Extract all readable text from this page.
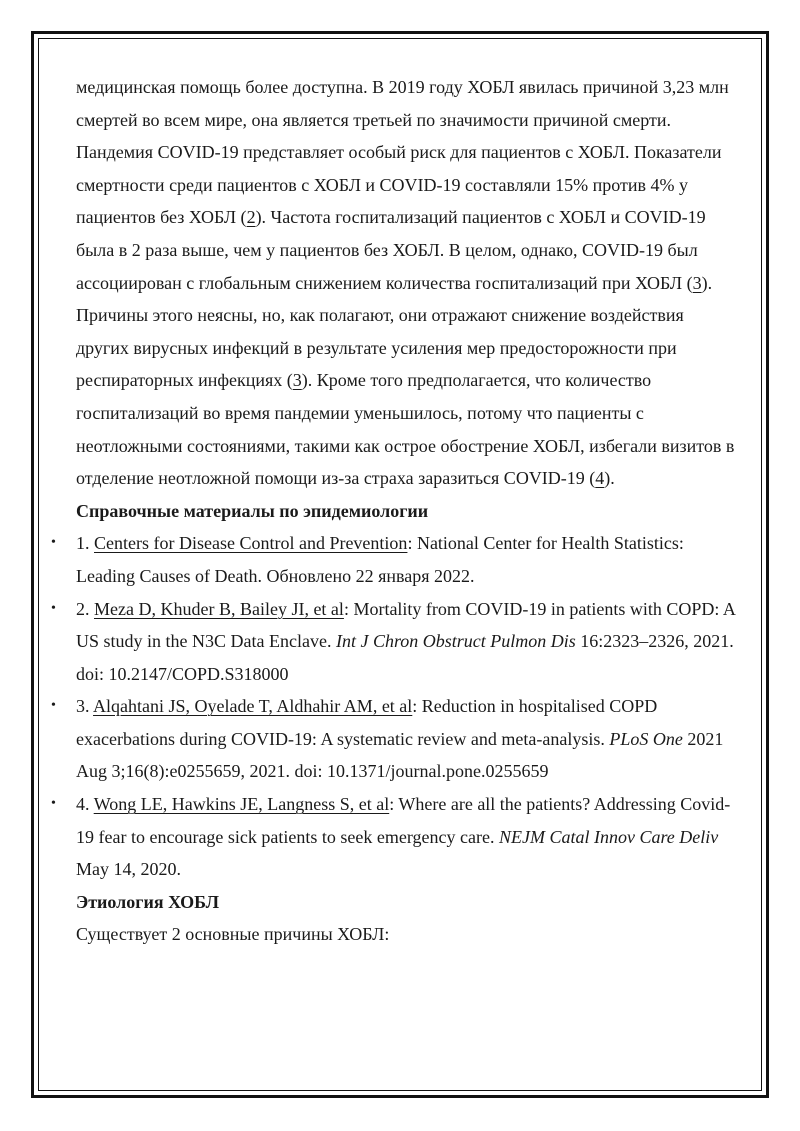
медицинская помощь более доступна. В 2019 году ХОБЛ явилась причиной 3,23 млн смертей во всем мире, она является третьей по значимости причиной смерти.

Пандемия COVID-19 представляет особый риск для пациентов с ХОБЛ. Показатели смертности среди пациентов с ХОБЛ и COVID-19 составляли 15% против 4% у пациентов без ХОБЛ (2). Частота госпитализаций пациентов с ХОБЛ и COVID-19 была в 2 раза выше, чем у пациентов без ХОБЛ. В целом, однако, COVID-19 был ассоциирован с глобальным снижением количества госпитализаций при ХОБЛ (3). Причины этого неясны, но, как полагают, они отражают снижение воздействия других вирусных инфекций в результате усиления мер предосторожности при респираторных инфекциях (3). Кроме того предполагается, что количество госпитализаций во время пандемии уменьшилось, потому что пациенты с неотложными состояниями, такими как острое обострение ХОБЛ, избегали визитов в отделение неотложной помощи из-за страха заразиться COVID-19 (4).

Справочные материалы по эпидемиологии

• 1. Centers for Disease Control and Prevention: National Center for Health Statistics: Leading Causes of Death. Обновлено 22 января 2022.
• 2. Meza D, Khuder B, Bailey JI, et al: Mortality from COVID-19 in patients with COPD: A US study in the N3C Data Enclave. Int J Chron Obstruct Pulmon Dis 16:2323–2326, 2021. doi: 10.2147/COPD.S318000
• 3. Alqahtani JS, Oyelade T, Aldhahir AM, et al: Reduction in hospitalised COPD exacerbations during COVID-19: A systematic review and meta-analysis. PLoS One 2021 Aug 3;16(8):e0255659, 2021. doi: 10.1371/journal.pone.0255659
• 4. Wong LE, Hawkins JE, Langness S, et al: Where are all the patients? Addressing Covid-19 fear to encourage sick patients to seek emergency care. NEJM Catal Innov Care Deliv May 14, 2020.

Этиология ХОБЛ

Существует 2 основные причины ХОБЛ:
